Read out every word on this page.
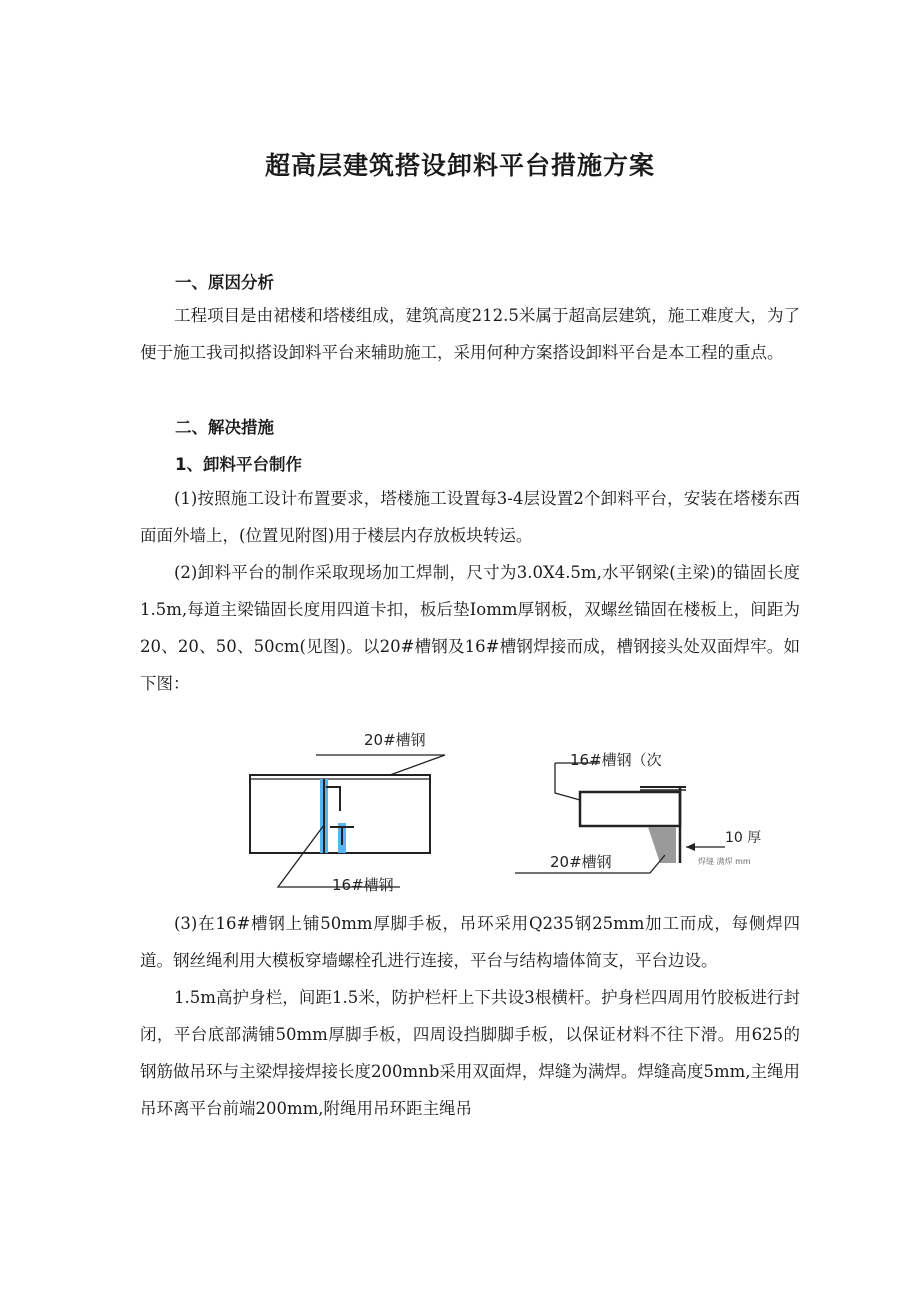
超高层建筑搭设卸料平台措施方案
一、原因分析

工程项目是由裙楼和塔楼组成，建筑高度212.5米属于超高层建筑，施工难度大，为了便于施工我司拟搭设卸料平台来辅助施工，采用何种方案搭设卸料平台是本工程的重点。

二、解决措施
1、卸料平台制作

(1)按照施工设计布置要求，塔楼施工设置每3-4层设置2个卸料平台，安装在塔楼东西面面外墙上，(位置见附图)用于楼层内存放板块转运。

(2)卸料平台的制作采取现场加工焊制，尺寸为3.0X4.5m,水平钢梁(主梁)的锚固长度1.5m,每道主梁锚固长度用四道卡扣，板后垫Iomm厚钢板，双螺丝锚固在楼板上，间距为20、20、50、50cm(见图)。以20#槽钢及16#槽钢焊接而成，槽钢接头处双面焊牢。如下图：

20#槽钢
16#槽钢
16#槽钢（次
10 厚
焊缝 满焊 mm
20#槽钢

(3)在16#槽钢上铺50mm厚脚手板，吊环采用Q235钢25mm加工而成，每侧焊四道。钢丝绳利用大模板穿墙螺栓孔进行连接，平台与结构墙体简支，平台边设。

1.5m高护身栏，间距1.5米，防护栏杆上下共设3根横杆。护身栏四周用竹胶板进行封闭，平台底部满铺50mm厚脚手板，四周设挡脚脚手板，以保证材料不往下滑。用625的钢筋做吊环与主梁焊接焊接长度200mnb采用双面焊，焊缝为满焊。焊缝高度5mm,主绳用吊环离平台前端200mm,附绳用吊环距主绳吊
